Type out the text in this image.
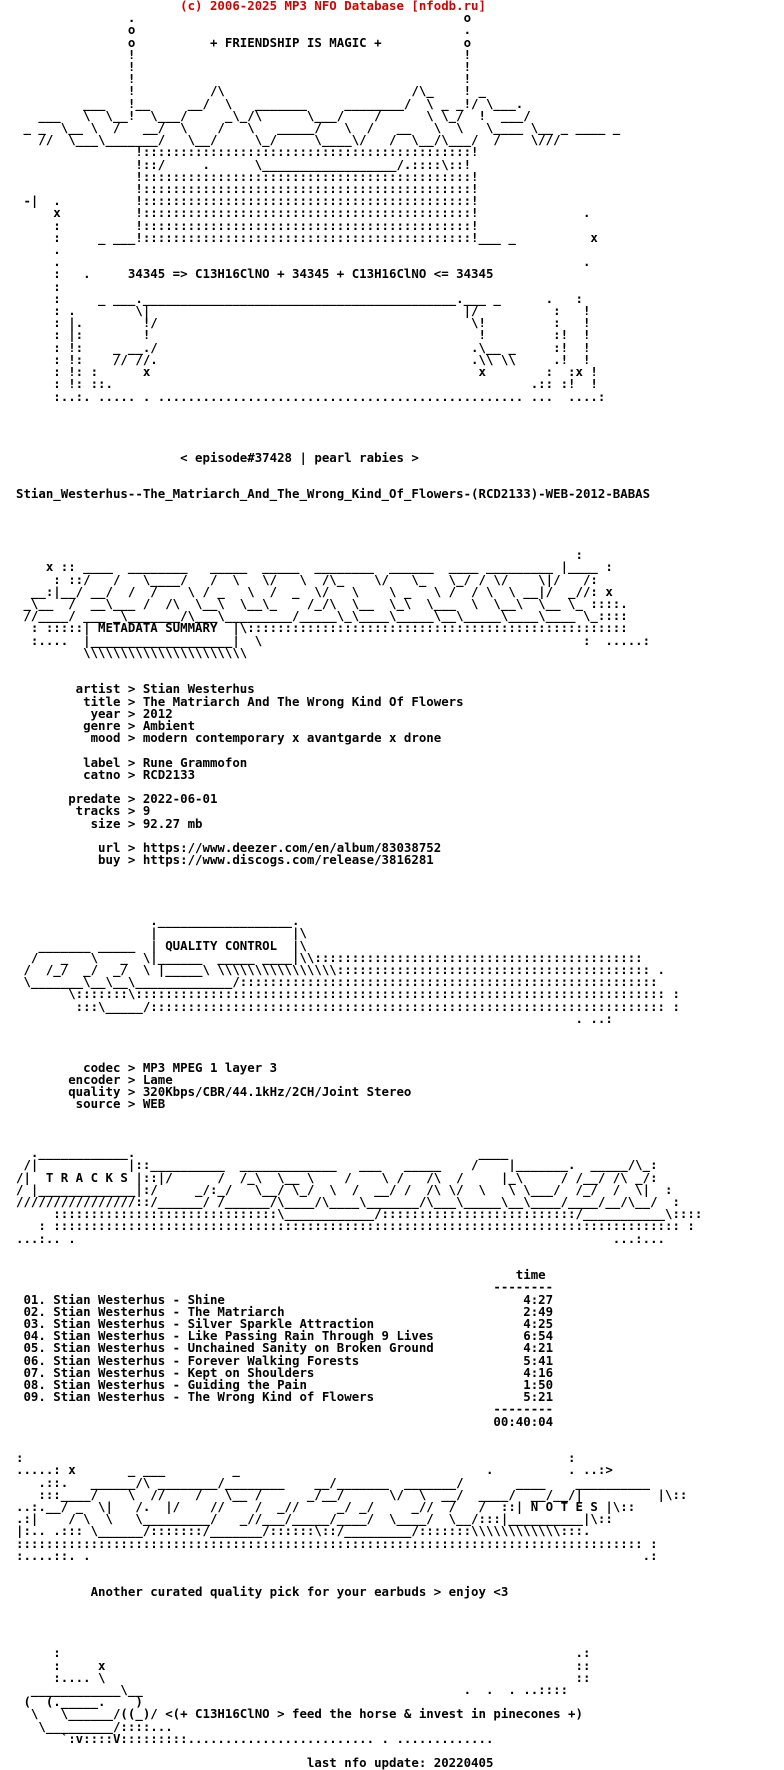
(c) 2006-2025 MP3 NFO Database [nfodb.ru]
.                                            o
o                                            .
o          + FRIENDSHIP IS MAGIC +           o
!                                            !
!                                            !
!                                            !
!          /\                         /\_    ! _
___   !__     __/  \   _______     ________/  \ _ _!/ \___.
___   \  \__!  \___/     _\_/\      \___/    /      \ \_/  !  ___/
_ _  \__ \  /   __/  \    /   \   _____/   \  /   __   \  \   \____ \__ _ ____ _
//  \___\_______/   \__/     \_/     \____\/   /  \__/\___/  /    \///
!::::::::::::::::::::::::::::::::::::::::::::!
!::/     .      \__________________/.::::\::!
!::::::::::::::::::::::::::::::::::::::::::::!
!::::::::::::::::::::::::::::::::::::::::::::!
-|  .          !::::::::::::::::::::::::::::::::::::::::::::!
x          !::::::::::::::::::::::::::::::::::::::::::::!              .
:          !::::::::::::::::::::::::::::::::::::::::::::!
:     _ ___!::::::::::::::::::::::::::::::::::::::::::::!___ _          x
.
.                                                                      .
:   .     34345 => C13H16ClNO + 34345 + C13H16ClNO <= 34345
:
:     _ ___.__________________________________________.___ _      .   :
: .        \|                                          |/          :   !
: |.        !/                                          \!         :   !
: |:        !                                            !         :!  !
: !:    _ __./                                          .\__ _     :!  !
: !:    // //.                                          .\\ \\     .!  !
: !: :      x                                            x        :  :x !
: !: ::.                                                        .:: :!  !
:..:. ..... . ................................................. ...  ....:

< episode#37428 | pearl rabies >

Stian_Westerhus--The_Matriarch_And_The_Wrong_Kind_Of_Flowers-(RCD2133)-WEB-2012-BABAS

:
x :: ____  ________   _____  _____  ________  ______  ____ _________ |____ :
: ::/   /   \____/   /  \   \/   \  /\_    \/   \_   \_/ / \/    \|/   /:
__:|__/ __/  /  /    \ / _   \  /  _  \/   \    \ _   \ /  / \  \ __|/  _//: x
_\__  /  __\___ /  /\  \__\  \__\_    /_/\  \__  \_\  \___  \  \__\  \__ \_ ::::.
//____/ ___ _\_______/\___\_________/_____\_\____\_____\__\_____\____\____ \_::::
: :::::| METADATA SUMMARY  |\:::::::::::::::::::::::::::::::::::::::::::::::::::
:....  |___________________|  \                                           :  .....:
\\\\\\\\\\\\\\\\\\\\\\

artist > Stian Westerhus
title > The Matriarch And The Wrong Kind Of Flowers
year > 2012
genre > Ambient
mood > modern contemporary x avantgarde x drone

label > Rune Grammofon
catno > RCD2133

predate > 2022-06-01
tracks > 9
size > 92.27 mb

url > https://www.deezer.com/en/album/83038752
buy > https://www.discogs.com/release/3816281

.__________________.
|                  |\
_______ _____  | QUALITY CONTROL  |\
/   _   \   _  \|______  _____ ____|\\::::::::::::::::::::::::::::::::::::::::::::
/  /_/  _/  _/  \ |_____\ \\\\\\\\\\\\\\\\:::::::::::::::::::::::::::::::::::::::::: .
\_______\__\__\_____________/::::::::::::::::::::::::::::::::::::::::::::::::::::::::
\:::::::\::::::::::::::::::::::::::::::::::::::::::::::::::::::::::::::::::::::: :
:::\_____/::::::::::::::::::::::::::::::::::::::::::::::::::::::::::::::::::::: :
. ..:

codec > MP3 MPEG 1 layer 3
encoder > Lame
quality > 320Kbps/CBR/44.1kHz/2CH/Joint Stereo
source > WEB

.____________.                                              ____
/|            |::__________  _____________   ___   _____    /    |_______.  _____/\_:
/|  T R A C K S |::|/      /  /_\  \__ \    /    \ /   /\  /     |_\     / /__/ /\ _/:
/ |_____________|:/     _/:_/   \__/ \_/  \  /  __/ /  /\ \/  \   \ \___/  /_/  /  \|  :
////////////////::/______/ /______/\____/\____\_______/\___\_____\__\____/____/__/\__/  :
::::::::::::::::::::::::::::::\____________/::::::::::::::::::::::::::/___________\::::
: :::::::::::::::::::::::::::::::::::::::::::::::::::::::::::::::::::::::::::::::::::: :
...:.. .                                                                        ...:...

time
--------
01. Stian Westerhus - Shine                                        4:27
02. Stian Westerhus - The Matriarch                                2:49
03. Stian Westerhus - Silver Sparkle Attraction                    4:25
04. Stian Westerhus - Like Passing Rain Through 9 Lives            6:54
05. Stian Westerhus - Unchained Sanity on Broken Ground            4:21
06. Stian Westerhus - Forever Walking Forests                      5:41
07. Stian Westerhus - Kept on Shoulders                            4:16
08. Stian Westerhus - Guiding the Pain                             1:50
09. Stian Westerhus - The Wrong Kind of Flowers                    5:21
--------
00:40:04

:                                                                         :
.....: x       _ ___         _                                 .          . ..:>
.::.   ______/\ ________/________    __/_______  _______/       ____    __________
:::____/    \  //    /   \__ /      _/__/      \/  \  __/  ____/  __/__/|          |\::
..:.__/ _  \|   /.  |/    //    /  _//     _/ _/     _//  /   /  ::| N O T E S |\::
.:|    / \  \   \_________/   _//___/_____/____/  \____/  \__/:::|__________|\::
|:.. .::: \______/:::::::/_______/::::::\::/_________/:::::::\\\\\\\\\\\\:::.
:::::::::::::::::::::::::::::::::::::::::::::::::::::::::::::::::::::::::::::::::::: :
:....::. .                                                                          .:

Another curated quality pick for your earbuds > enjoy <3

:                                                                     .:
:     x                                                               ::
:.... \                                                               ::
____________\__                                           .  .  . ..::::
(  (._____.    )
\   \______/((_)/ <(+ C13H16ClNO > feed the horse & invest in pinecones +)
\_________/::::...
`:v::::V:::::::::......................... . .............

last nfo update: 20220405
